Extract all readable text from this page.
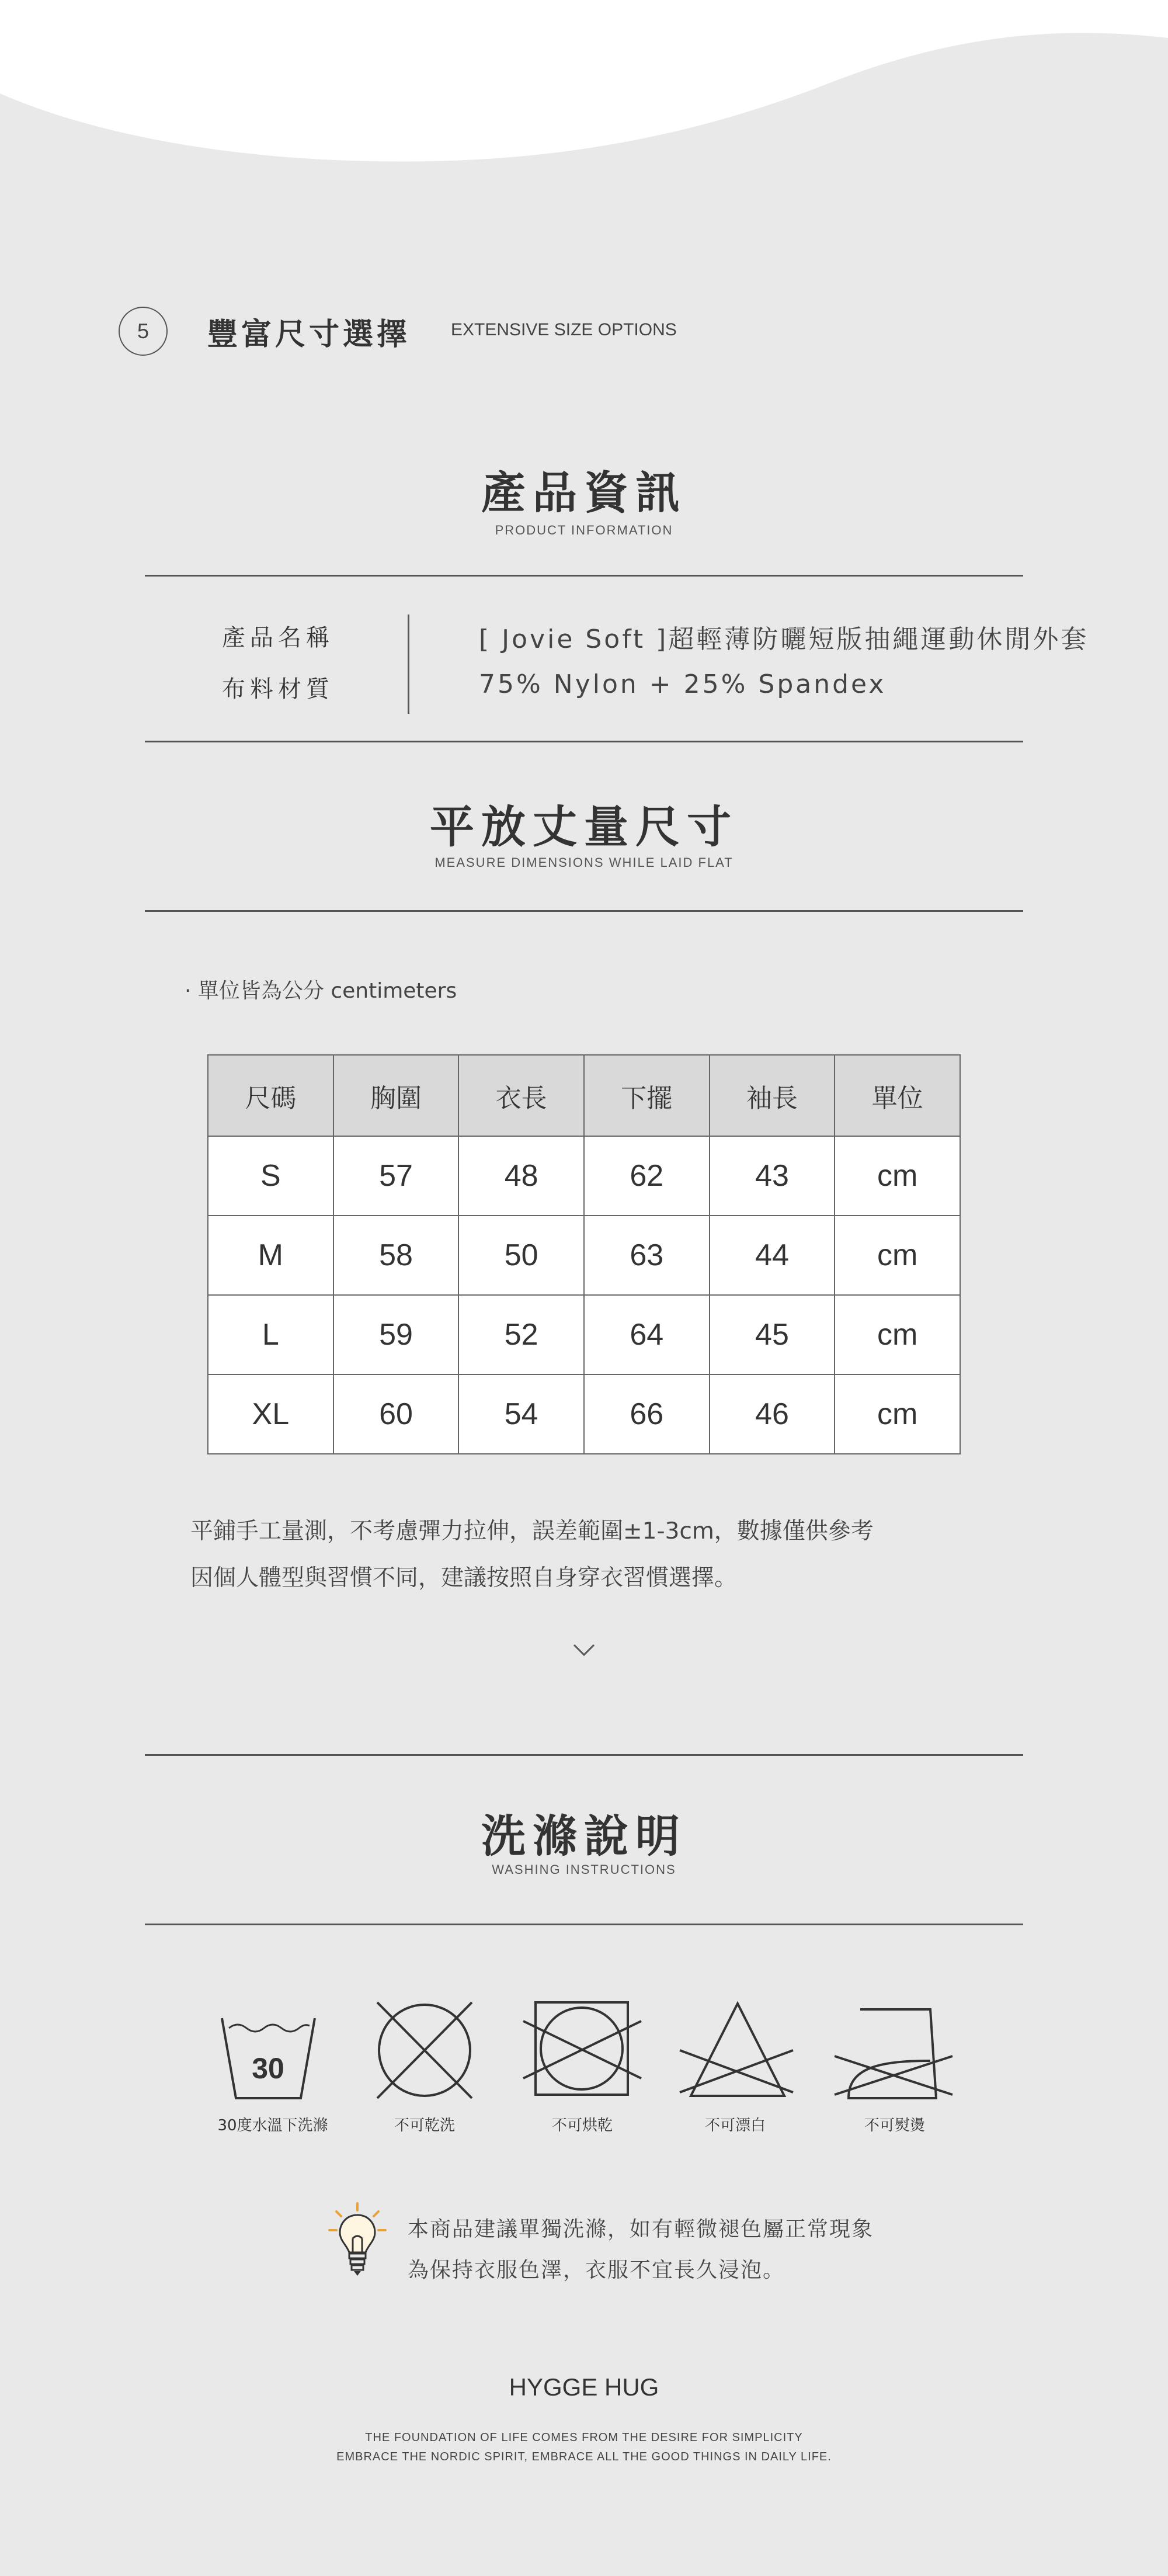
5	豐富尺寸選擇 EXTENSIVE SIZE OPTIONS
產品資訊
PRODUCT INFORMATION
產品名稱	[ Jovie Soft ]超輕薄防曬短版抽繩運動休閒外套
布料材質	75% Nylon + 25% Spandex
平放丈量尺寸
MEASURE DIMENSIONS WHILE LAID FLAT
· 單位皆為公分 centimeters
尺碼	胸圍	衣長	下擺	袖長	單位
S	57	48	62	43	cm
M	58	50	63	44	cm
L	59	52	64	45	cm
XL	60	54	66	46	cm
平鋪手工量測，不考慮彈力拉伸，誤差範圍±1-3cm，數據僅供參考
因個人體型與習慣不同，建議按照自身穿衣習慣選擇。
洗滌說明
WASHING INSTRUCTIONS
30
30度水溫下洗滌	不可乾洗	不可烘乾	不可漂白	不可熨燙
本商品建議單獨洗滌，如有輕微褪色屬正常現象
為保持衣服色澤，衣服不宜長久浸泡。
HYGGE HUG
THE FOUNDATION OF LIFE COMES FROM THE DESIRE FOR SIMPLICITY
EMBRACE THE NORDIC SPIRIT, EMBRACE ALL THE GOOD THINGS IN DAILY LIFE.
